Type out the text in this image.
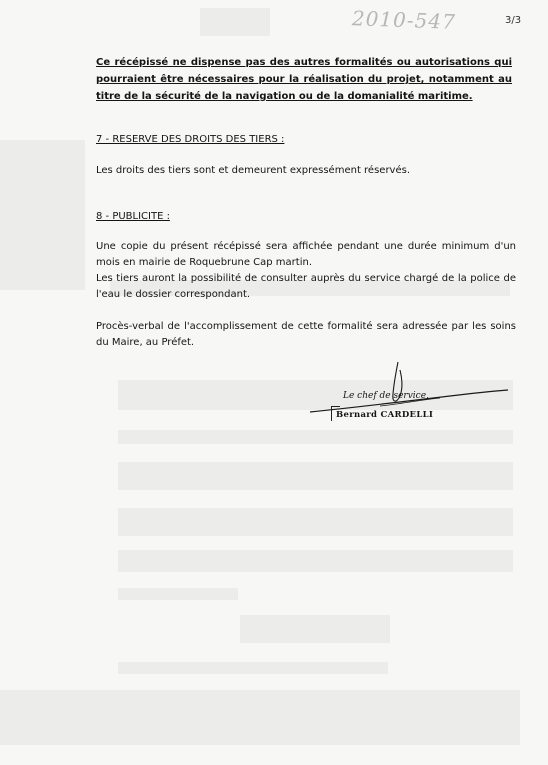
2010-547	3/3
Ce récépissé ne dispense pas des autres formalités ou autorisations qui pourraient être nécessaires pour la réalisation du projet, notamment au titre de la sécurité de la navigation ou de la domanialité maritime.
7 - RESERVE DES DROITS DES TIERS :

Les droits des tiers sont et demeurent expressément réservés.

8 - PUBLICITE :

Une copie du présent récépissé sera affichée pendant une durée minimum d'un mois en mairie de Roquebrune Cap martin.

Les tiers auront la possibilité de consulter auprès du service chargé de la police de l'eau le dossier correspondant.

Procès-verbal de l'accomplissement de cette formalité sera adressée par les soins du Maire, au Préfet.

Le chef de service,
Bernard CARDELLI
